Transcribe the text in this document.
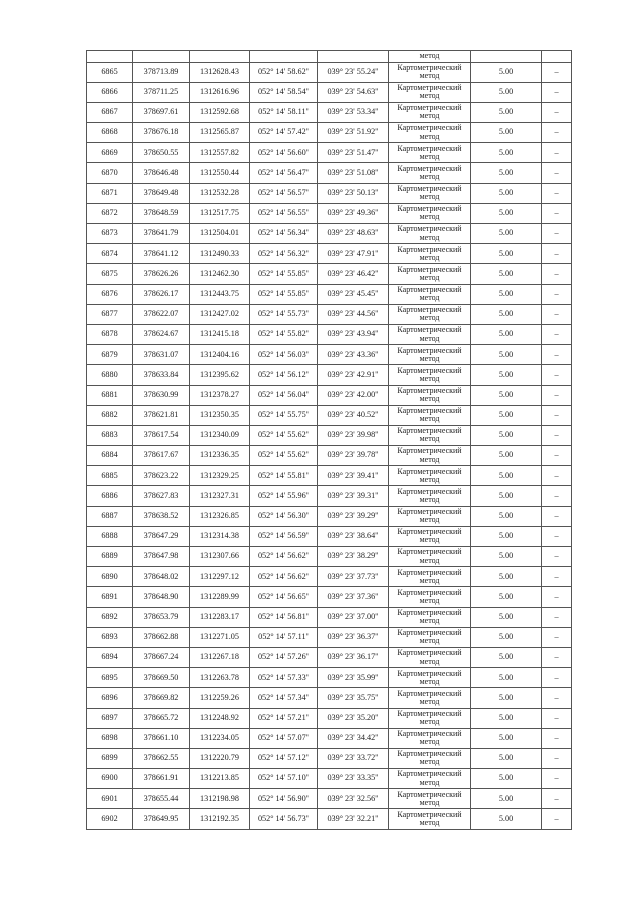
					метод		
6865	378713.89	1312628.43	052° 14' 58.62"	039° 23' 55.24"	Картометрический метод	5.00	–
6866	378711.25	1312616.96	052° 14' 58.54"	039° 23' 54.63"	Картометрический метод	5.00	–
6867	378697.61	1312592.68	052° 14' 58.11"	039° 23' 53.34"	Картометрический метод	5.00	–
6868	378676.18	1312565.87	052° 14' 57.42"	039° 23' 51.92"	Картометрический метод	5.00	–
6869	378650.55	1312557.82	052° 14' 56.60"	039° 23' 51.47"	Картометрический метод	5.00	–
6870	378646.48	1312550.44	052° 14' 56.47"	039° 23' 51.08"	Картометрический метод	5.00	–
6871	378649.48	1312532.28	052° 14' 56.57"	039° 23' 50.13"	Картометрический метод	5.00	–
6872	378648.59	1312517.75	052° 14' 56.55"	039° 23' 49.36"	Картометрический метод	5.00	–
6873	378641.79	1312504.01	052° 14' 56.34"	039° 23' 48.63"	Картометрический метод	5.00	–
6874	378641.12	1312490.33	052° 14' 56.32"	039° 23' 47.91"	Картометрический метод	5.00	–
6875	378626.26	1312462.30	052° 14' 55.85"	039° 23' 46.42"	Картометрический метод	5.00	–
6876	378626.17	1312443.75	052° 14' 55.85"	039° 23' 45.45"	Картометрический метод	5.00	–
6877	378622.07	1312427.02	052° 14' 55.73"	039° 23' 44.56"	Картометрический метод	5.00	–
6878	378624.67	1312415.18	052° 14' 55.82"	039° 23' 43.94"	Картометрический метод	5.00	–
6879	378631.07	1312404.16	052° 14' 56.03"	039° 23' 43.36"	Картометрический метод	5.00	–
6880	378633.84	1312395.62	052° 14' 56.12"	039° 23' 42.91"	Картометрический метод	5.00	–
6881	378630.99	1312378.27	052° 14' 56.04"	039° 23' 42.00"	Картометрический метод	5.00	–
6882	378621.81	1312350.35	052° 14' 55.75"	039° 23' 40.52"	Картометрический метод	5.00	–
6883	378617.54	1312340.09	052° 14' 55.62"	039° 23' 39.98"	Картометрический метод	5.00	–
6884	378617.67	1312336.35	052° 14' 55.62"	039° 23' 39.78"	Картометрический метод	5.00	–
6885	378623.22	1312329.25	052° 14' 55.81"	039° 23' 39.41"	Картометрический метод	5.00	–
6886	378627.83	1312327.31	052° 14' 55.96"	039° 23' 39.31"	Картометрический метод	5.00	–
6887	378638.52	1312326.85	052° 14' 56.30"	039° 23' 39.29"	Картометрический метод	5.00	–
6888	378647.29	1312314.38	052° 14' 56.59"	039° 23' 38.64"	Картометрический метод	5.00	–
6889	378647.98	1312307.66	052° 14' 56.62"	039° 23' 38.29"	Картометрический метод	5.00	–
6890	378648.02	1312297.12	052° 14' 56.62"	039° 23' 37.73"	Картометрический метод	5.00	–
6891	378648.90	1312289.99	052° 14' 56.65"	039° 23' 37.36"	Картометрический метод	5.00	–
6892	378653.79	1312283.17	052° 14' 56.81"	039° 23' 37.00"	Картометрический метод	5.00	–
6893	378662.88	1312271.05	052° 14' 57.11"	039° 23' 36.37"	Картометрический метод	5.00	–
6894	378667.24	1312267.18	052° 14' 57.26"	039° 23' 36.17"	Картометрический метод	5.00	–
6895	378669.50	1312263.78	052° 14' 57.33"	039° 23' 35.99"	Картометрический метод	5.00	–
6896	378669.82	1312259.26	052° 14' 57.34"	039° 23' 35.75"	Картометрический метод	5.00	–
6897	378665.72	1312248.92	052° 14' 57.21"	039° 23' 35.20"	Картометрический метод	5.00	–
6898	378661.10	1312234.05	052° 14' 57.07"	039° 23' 34.42"	Картометрический метод	5.00	–
6899	378662.55	1312220.79	052° 14' 57.12"	039° 23' 33.72"	Картометрический метод	5.00	–
6900	378661.91	1312213.85	052° 14' 57.10"	039° 23' 33.35"	Картометрический метод	5.00	–
6901	378655.44	1312198.98	052° 14' 56.90"	039° 23' 32.56"	Картометрический метод	5.00	–
6902	378649.95	1312192.35	052° 14' 56.73"	039° 23' 32.21"	Картометрический метод	5.00	–
